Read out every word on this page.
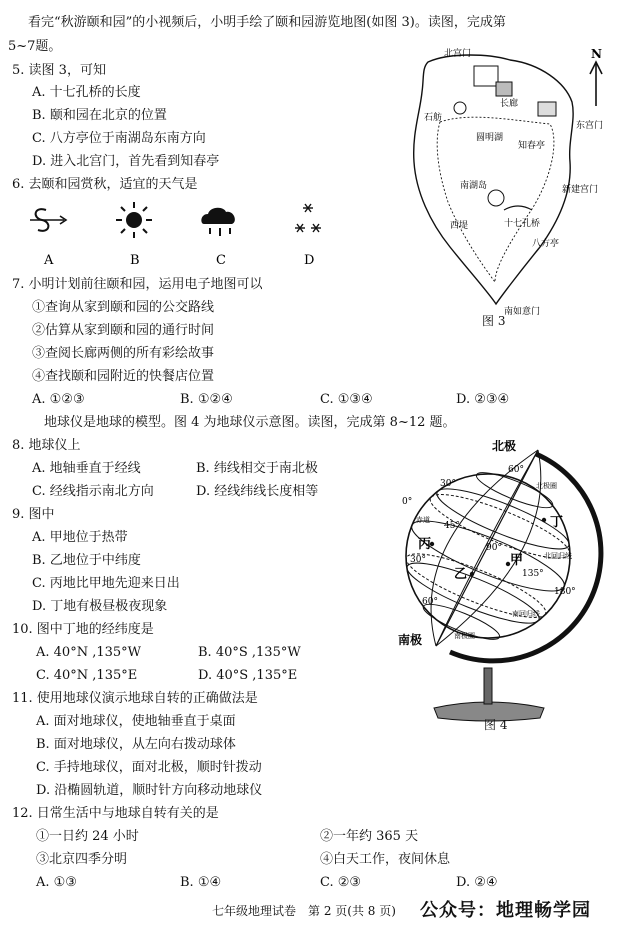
看完“秋游颐和园”的小视频后，小明手绘了颐和园游览地图(如图 3)。读图，完成第
5~7题。
5. 读图 3，可知
A. 十七孔桥的长度
B. 颐和园在北京的位置
C. 八方亭位于南湖岛东南方向
D. 进入北宫门，首先看到知春亭
6. 去颐和园赏秋，适宜的天气是
A	B	C	D
7. 小明计划前往颐和园，运用电子地图可以
①查询从家到颐和园的公交路线
②估算从家到颐和园的通行时间
③查阅长廊两侧的所有彩绘故事
④查找颐和园附近的快餐店位置
A. ①②③	B. ①②④	C. ①③④	D. ②③④
地球仪是地球的模型。图 4 为地球仪示意图。读图，完成第 8~12 题。
8. 地球仪上
A. 地轴垂直于经线	B. 纬线相交于南北极
C. 经线指示南北方向	D. 经线纬线长度相等
9. 图中
A. 甲地位于热带
B. 乙地位于中纬度
C. 丙地比甲地先迎来日出
D. 丁地有极昼极夜现象
10. 图中丁地的经纬度是
A. 40°N ,135°W	B. 40°S ,135°W
C. 40°N ,135°E	D. 40°S ,135°E
11. 使用地球仪演示地球自转的正确做法是
A. 面对地球仪，使地轴垂直于桌面
B. 面对地球仪，从左向右拨动球体
C. 手持地球仪，面对北极，顺时针拨动
D. 沿椭圆轨道，顺时针方向移动地球仪
12. 日常生活中与地球自转有关的是
①一日约 24 小时	②一年约 365 天
③北京四季分明	④白天工作，夜间休息
A. ①③	B. ①④	C. ②③	D. ②④
北宫门
东宫门
新建宫门
南如意门
石舫
圆明湖
知春亭
南湖岛
十七孔桥
八方亭
长廊
西堤
N
图 3
北极
南极
0°
30°
60°
30°
60°
45°
90°
135°
180°
赤道
北极圈
北回归线
南回归线
南极圈
丁
丙
乙
甲
图 4
七年级地理试卷　第 2 页(共 8 页) 公众号：地理畅学园
